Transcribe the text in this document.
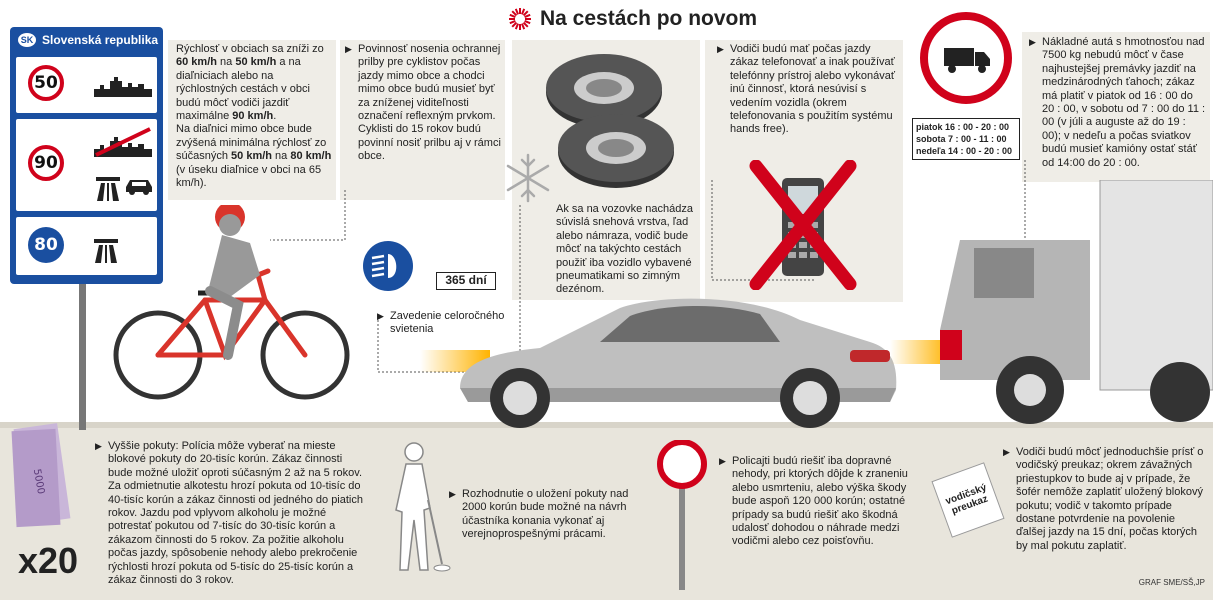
Na cestách po novom
SK Slovenská republika
50
90
80
Rýchlosť v obciach sa zníži zo 60 km/h na 50 km/h a na diaľniciach alebo na rýchlostných cestách v obci budú môcť vodiči jazdiť maximálne 90 km/h.
Na diaľnici mimo obce bude zvýšená minimálna rýchlosť zo súčasných 50 km/h na 80 km/h (v úseku diaľnice v obci na 65 km/h).
▶ Povinnosť nosenia ochrannej prilby pre cyklistov počas jazdy mimo obce a chodci mimo obce budú musieť byť za zníženej viditeľnosti označení reflexným prvkom. Cyklisti do 15 rokov budú povinní nosiť prilbu aj v rámci obce.
Ak sa na vozovke nachádza súvislá snehová vrstva, ľad alebo námraza, vodič bude môcť na takýchto cestách použiť iba vozidlo vybavené pneumatikami so zimným dezénom.
▶ Vodiči budú mať počas jazdy zákaz telefonovať a inak používať telefónny prístroj alebo vykonávať inú činnosť, ktorá nesúvisí s vedením vozidla (okrem telefonovania s použitím systému hands free).	piatok 16 : 00 - 20 : 00
sobota 7 : 00 - 11 : 00
nedeľa 14 : 00 - 20 : 00
▶ Nákladné autá s hmotnosťou nad 7500 kg nebudú môcť v čase najhustejšej premávky jazdiť na medzinárodných ťahoch; zákaz má platiť v piatok od 16 : 00 do 20 : 00, v sobotu od 7 : 00 do 11 : 00 (v júli a auguste až do 19 : 00); v nedeľu a počas sviatkov budú musieť kamióny ostať stáť od 14:00 do 20 : 00.
365 dní
▶ Zavedenie celoročného svietenia
5000
x20
▶ Vyššie pokuty: Polícia môže vyberať na mieste blokové pokuty do 20-tisíc korún. Zákaz činnosti bude možné uložiť oproti súčasným 2 až na 5 rokov. Za odmietnutie alkotestu hrozí pokuta od 10-tisíc do 40-tisíc korún a zákaz činnosti od jedného do piatich rokov. Jazdu pod vplyvom alkoholu je možné potrestať pokutou od 7-tisíc do 30-tisíc korún a zákazom činnosti do 5 rokov. Za požitie alkoholu počas jazdy, spôsobenie nehody alebo prekročenie rýchlosti hrozí pokuta od 5-tisíc do 25-tisíc korún a zákaz činnosti do 3 rokov.
▶ Rozhodnutie o uložení pokuty nad 2000 korún bude možné na návrh účastníka konania vykonať aj verejnoprospešnými prácami.
▶ Policajti budú riešiť iba dopravné nehody, pri ktorých dôjde k zraneniu alebo usmrteniu, alebo výška škody bude aspoň 120 000 korún; ostatné prípady sa budú riešiť ako škodná udalosť dohodou o náhrade medzi vodičmi alebo cez poisťovňu.
vodičský preukaz
▶ Vodiči budú môcť jednoduchšie prísť o vodičský preukaz; okrem závažných priestupkov to bude aj v prípade, že šofér nemôže zaplatiť uložený blokový pokutu; vodič v takomto prípade dostane potvrdenie na povolenie ďalšej jazdy na 15 dní, počas ktorých by mal pokutu zaplatiť.
GRAF SME/SŠ,JP
